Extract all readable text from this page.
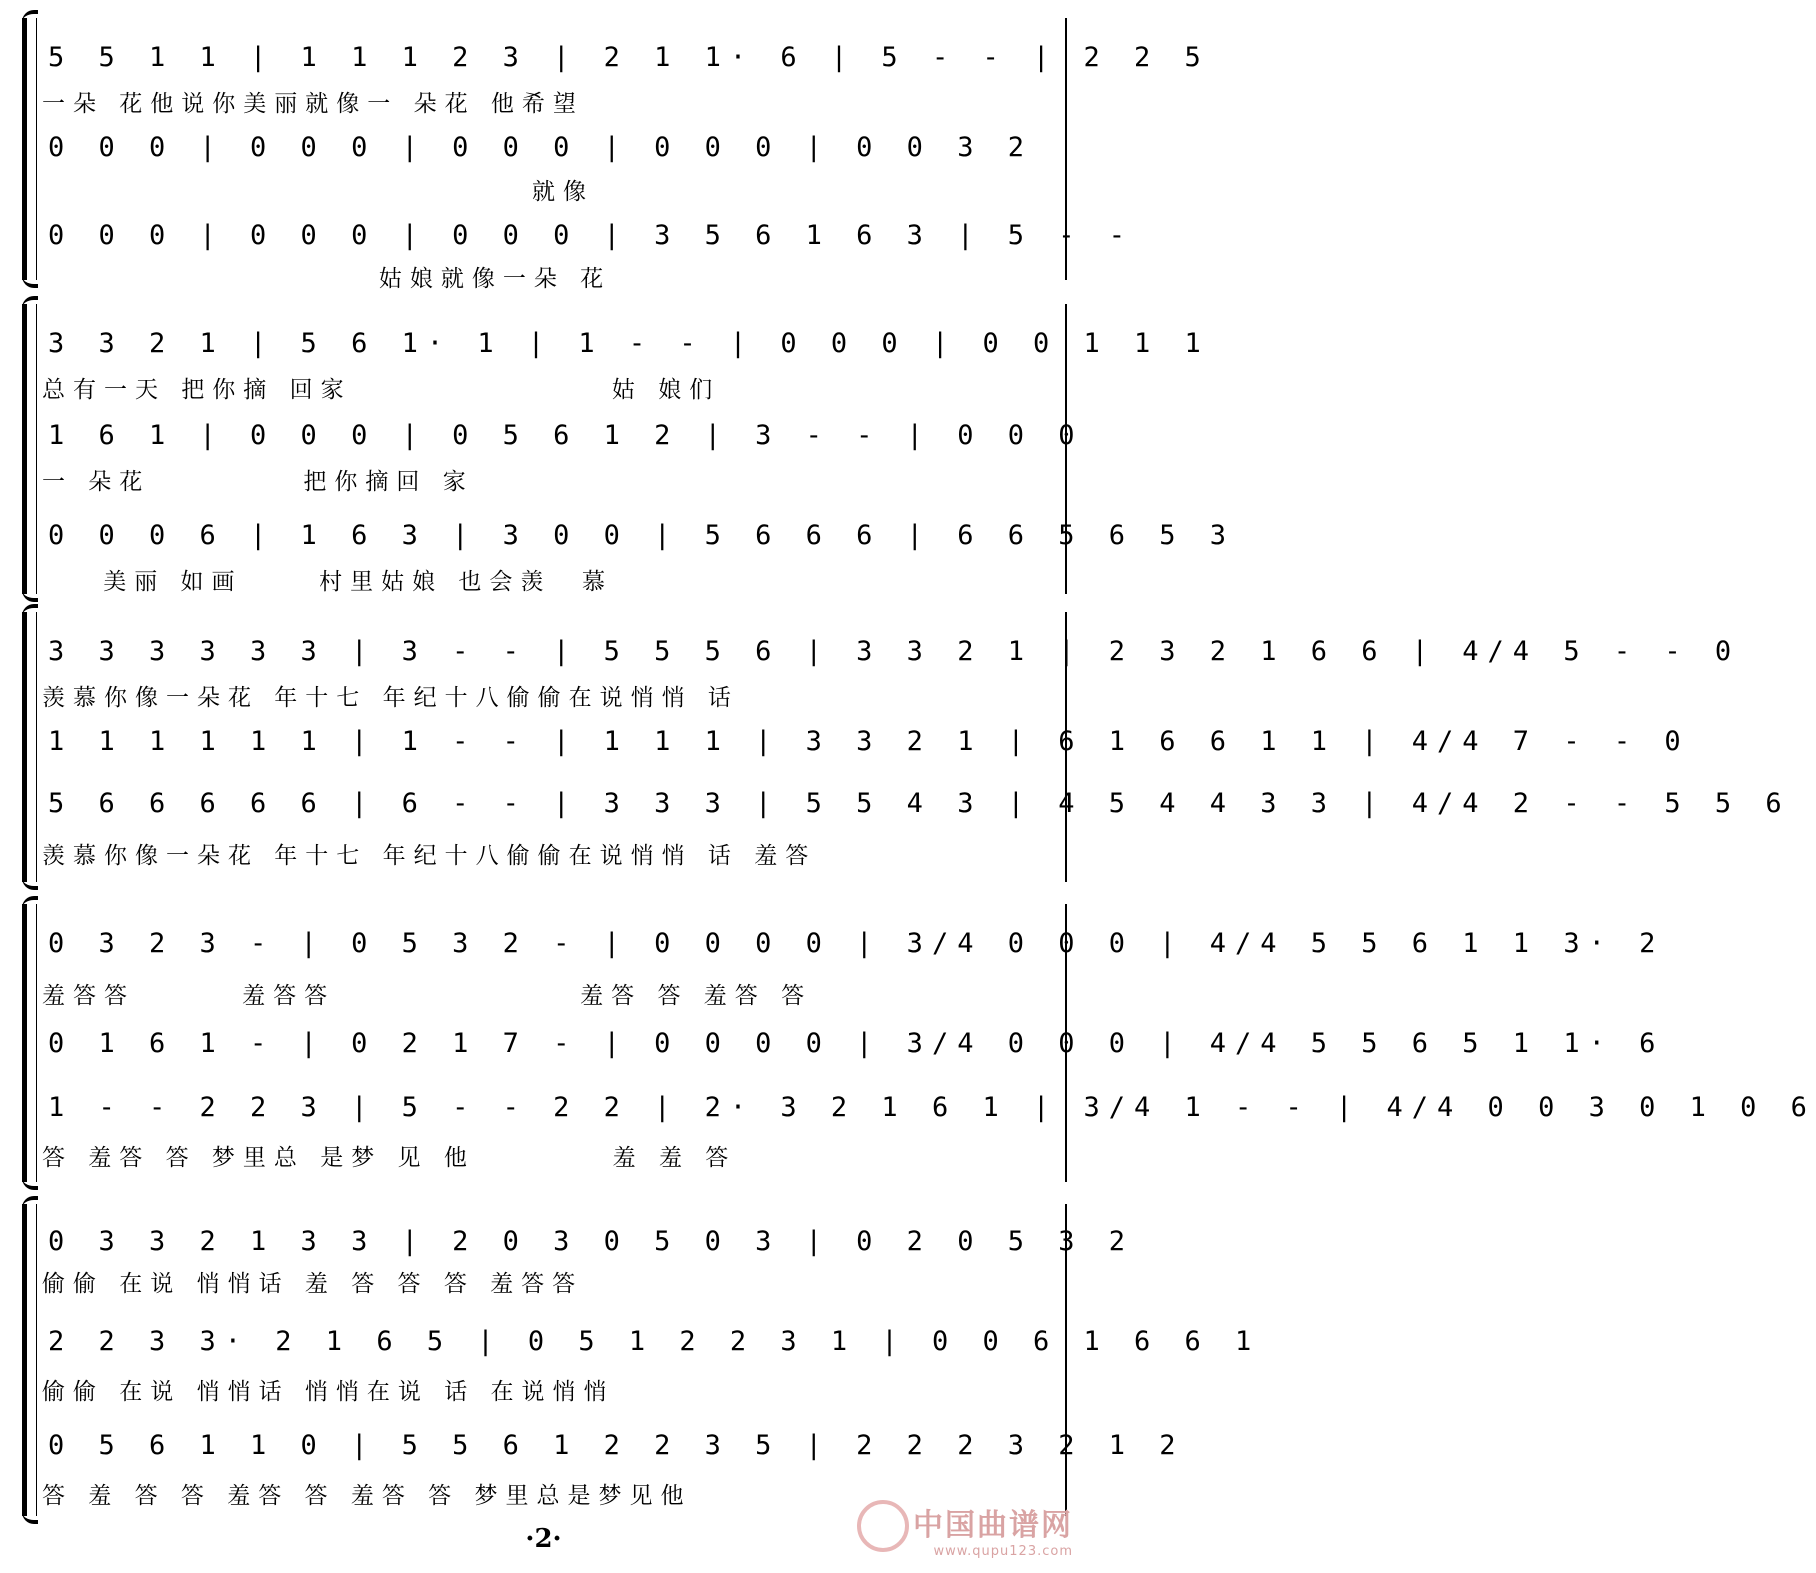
5 5 1 1 | 1 1 1 2 3 | 2 1 1· 6 | 5 - - | 2 2 5
一朵 花他说你美丽就像一 朵花 他希望
0 0 0 | 0 0 0 | 0 0 0 | 0 0 0 | 0 0 3 2
就像
0 0 0 | 0 0 0 | 0 0 0 | 3 5 6 1 6 3 | 5 - -
姑娘就像一朵 花
3 3 2 1 | 5 6 1· 1 | 1 - - | 0 0 0 | 0 0 1 1 1
总有一天 把你摘 回家                 姑 娘们
1 6 1 | 0 0 0 | 0 5 6 1 2 | 3 - - | 0 0 0
一 朵花          把你摘回 家
0 0 0 6 | 1 6 3 | 3 0 0 | 5 6 6 6 | 6 6 5 6 5 3
美丽 如画     村里姑娘 也会羡  慕
3 3 3 3 3 3 | 3 - - | 5 5 5 6 | 3 3 2 1 | 2 3 2 1 6 6 | 4/4 5 - - 0
羡慕你像一朵花 年十七 年纪十八偷偷在说悄悄 话
1 1 1 1 1 1 | 1 - - | 1 1 1 | 3 3 2 1 | 6 1 6 6 1 1 | 4/4 7 - - 0
5 6 6 6 6 6 | 6 - - | 3 3 3 | 5 5 4 3 | 4 5 4 4 3 3 | 4/4 2 - - 5 5 6
羡慕你像一朵花 年十七 年纪十八偷偷在说悄悄 话 羞答
0 3 2 3 - | 0 5 3 2 - | 0 0 0 0 | 3/4 0 0 0 | 4/4 5 5 6 1 1 3· 2
羞答答       羞答答                羞答 答 羞答 答
0 1 6 1 - | 0 2 1 7 - | 0 0 0 0 | 3/4 0 0 0 | 4/4 5 5 6 5 1 1· 6
1 - - 2 2 3 | 5 - - 2 2 | 2· 3 2 1 6 1 | 3/4 1 - - | 4/4 0 0 3 0 1 0 6
答 羞答 答 梦里总 是梦 见 他         羞 羞 答
0 3 3 2 1 3 3 | 2 0 3 0 5 0 3 | 0 2 0 5 3 2
偷偷 在说 悄悄话 羞 答 答 答 羞答答
2 2 3 3· 2 1 6 5 | 0 5 1 2 2 3 1 | 0 0 6 1 6 6 1
偷偷 在说 悄悄话 悄悄在说 话 在说悄悄
0 5 6 1 1 0 | 5 5 6 1 2 2 3 5 | 2 2 2 3 2 1 2
答 羞 答 答 羞答 答 羞答 答 梦里总是梦见他
·2·	中国曲谱网
www.qupu123.com
